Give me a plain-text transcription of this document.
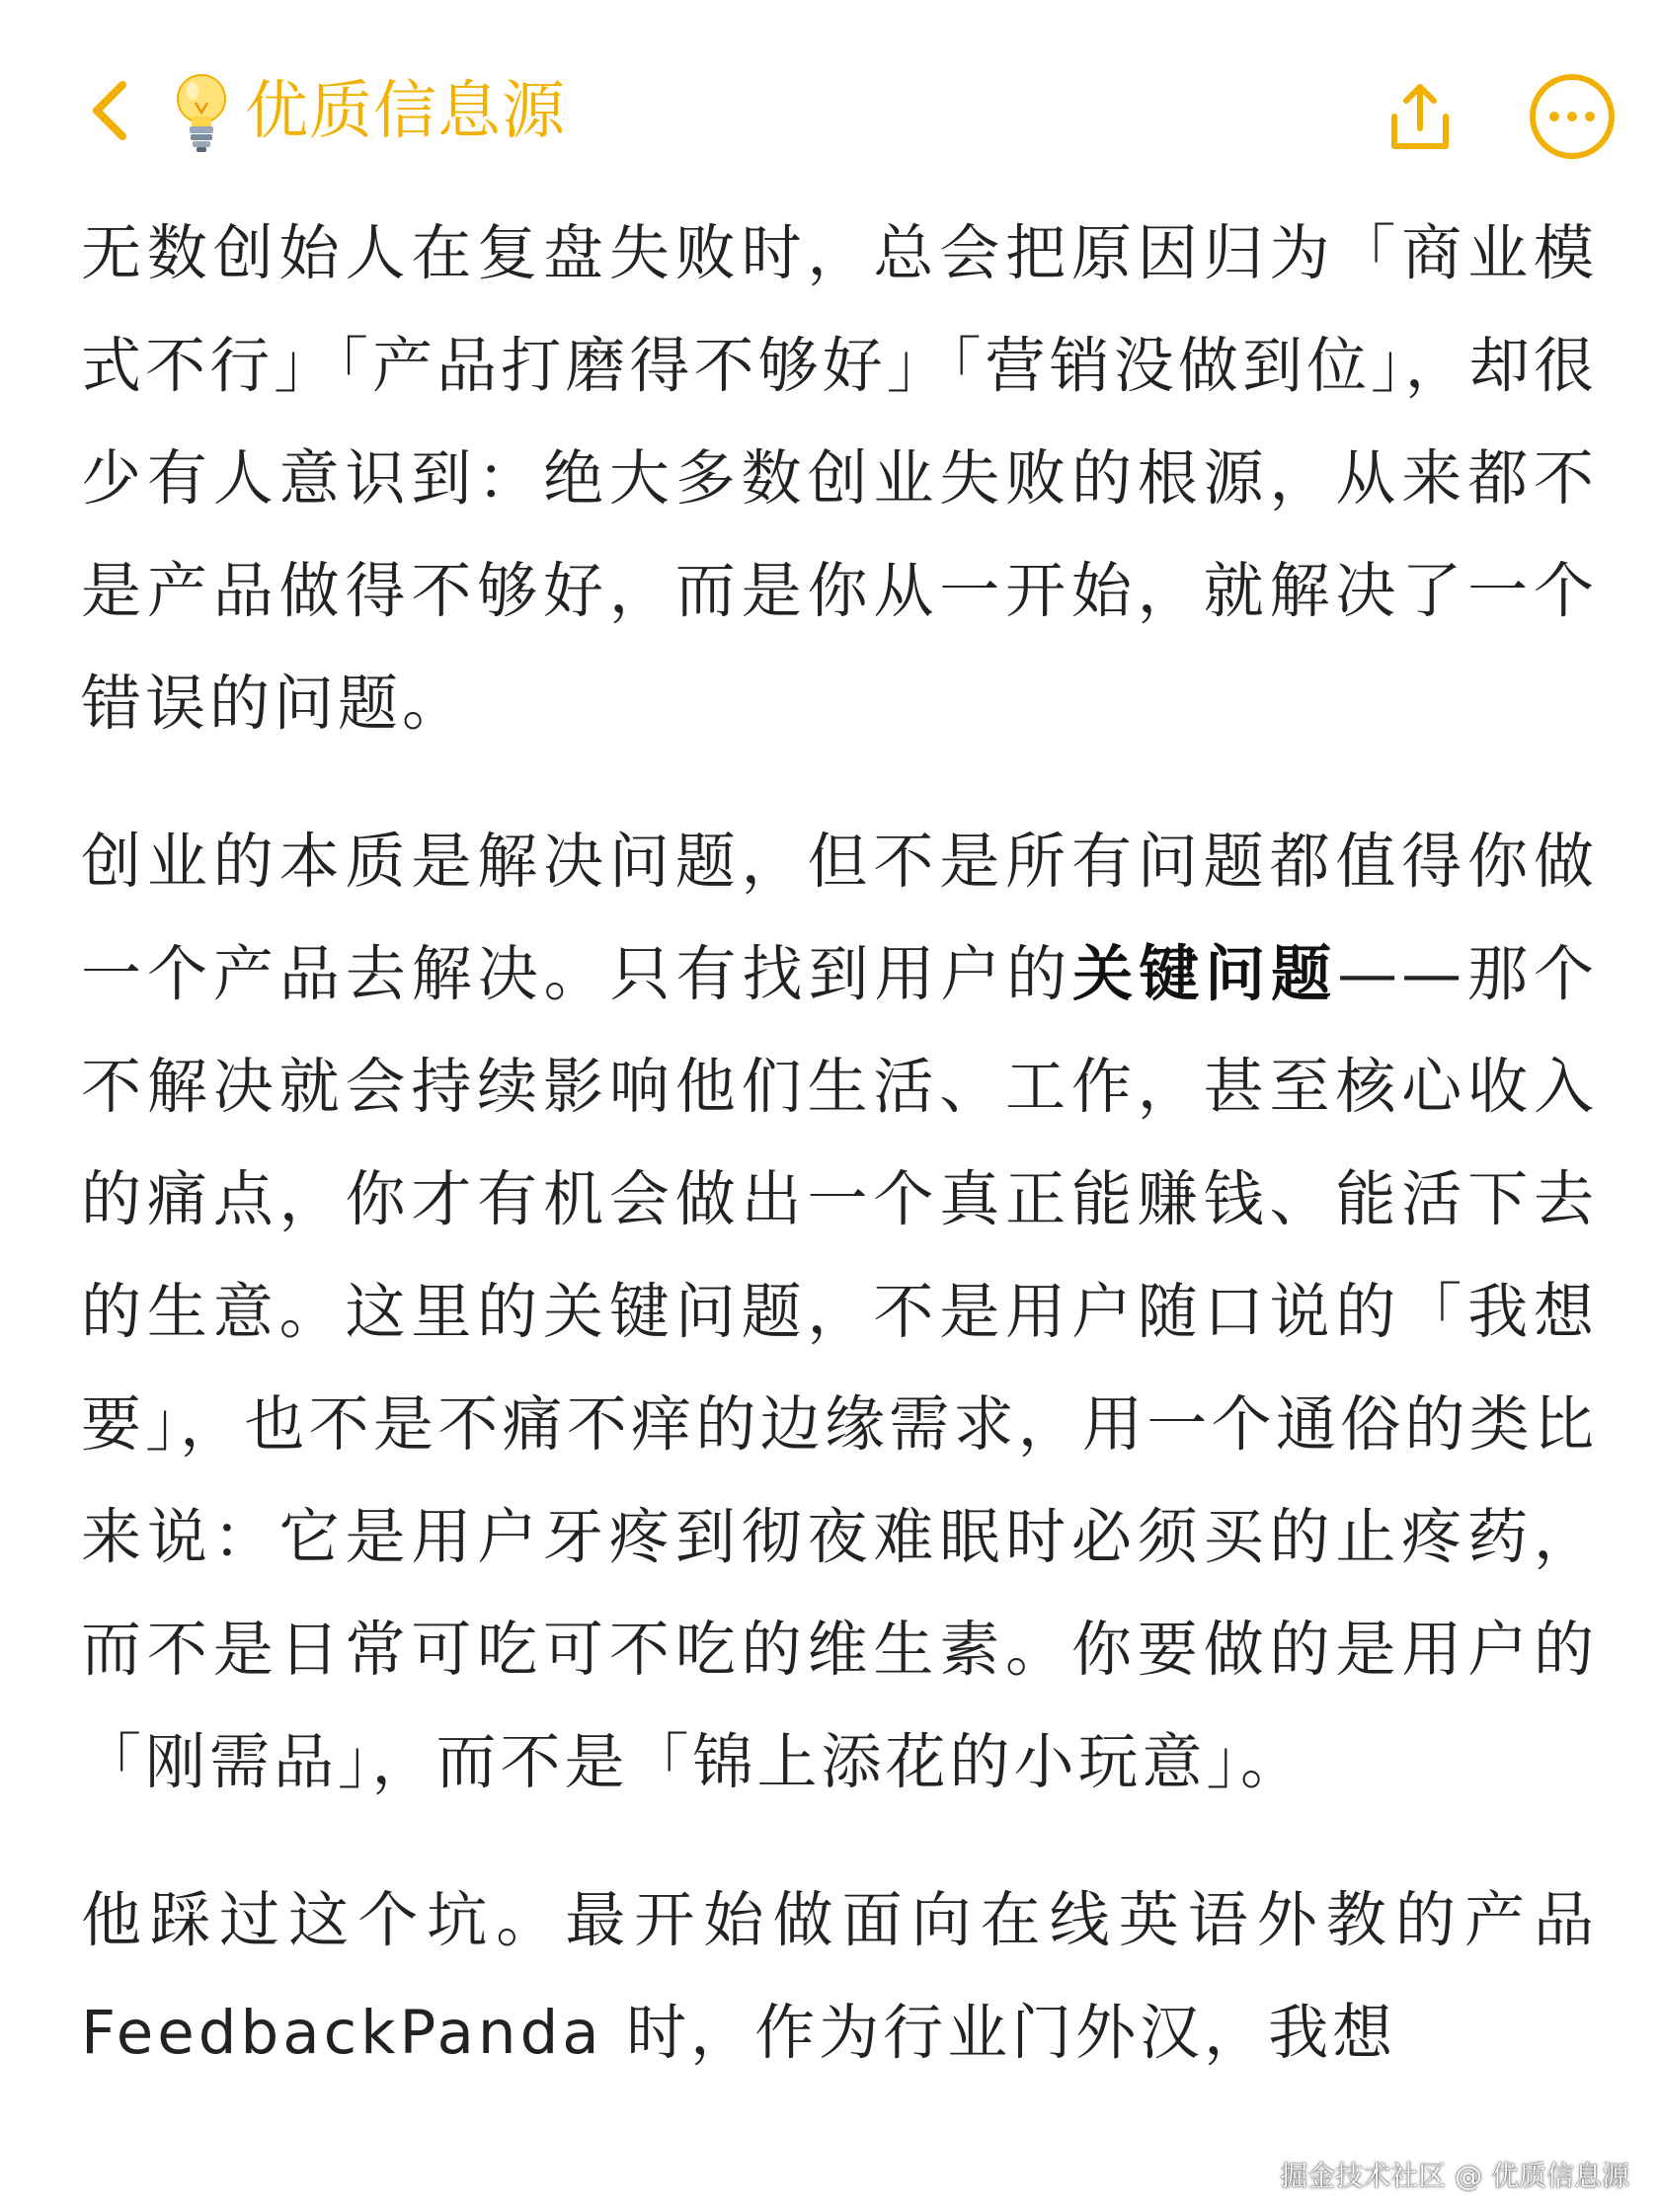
优质信息源

无数创始人在复盘失败时，总会把原因归为「商业模式不行」「产品打磨得不够好」「营销没做到位」，却很少有人意识到：绝大多数创业失败的根源，从来都不是产品做得不够好，而是你从一开始，就解决了一个错误的问题。

创业的本质是解决问题，但不是所有问题都值得你做一个产品去解决。只有找到用户的关键问题——那个不解决就会持续影响他们生活、工作，甚至核心收入的痛点，你才有机会做出一个真正能赚钱、能活下去的生意。这里的关键问题，不是用户随口说的「我想要」，也不是不痛不痒的边缘需求，用一个通俗的类比来说：它是用户牙疼到彻夜难眠时必须买的止疼药，而不是日常可吃可不吃的维生素。你要做的是用户的「刚需品」，而不是「锦上添花的小玩意」。

他踩过这个坑。最开始做面向在线英语外教的产品 FeedbackPanda 时，作为行业门外汉，我想

掘金技术社区 @ 优质信息源
